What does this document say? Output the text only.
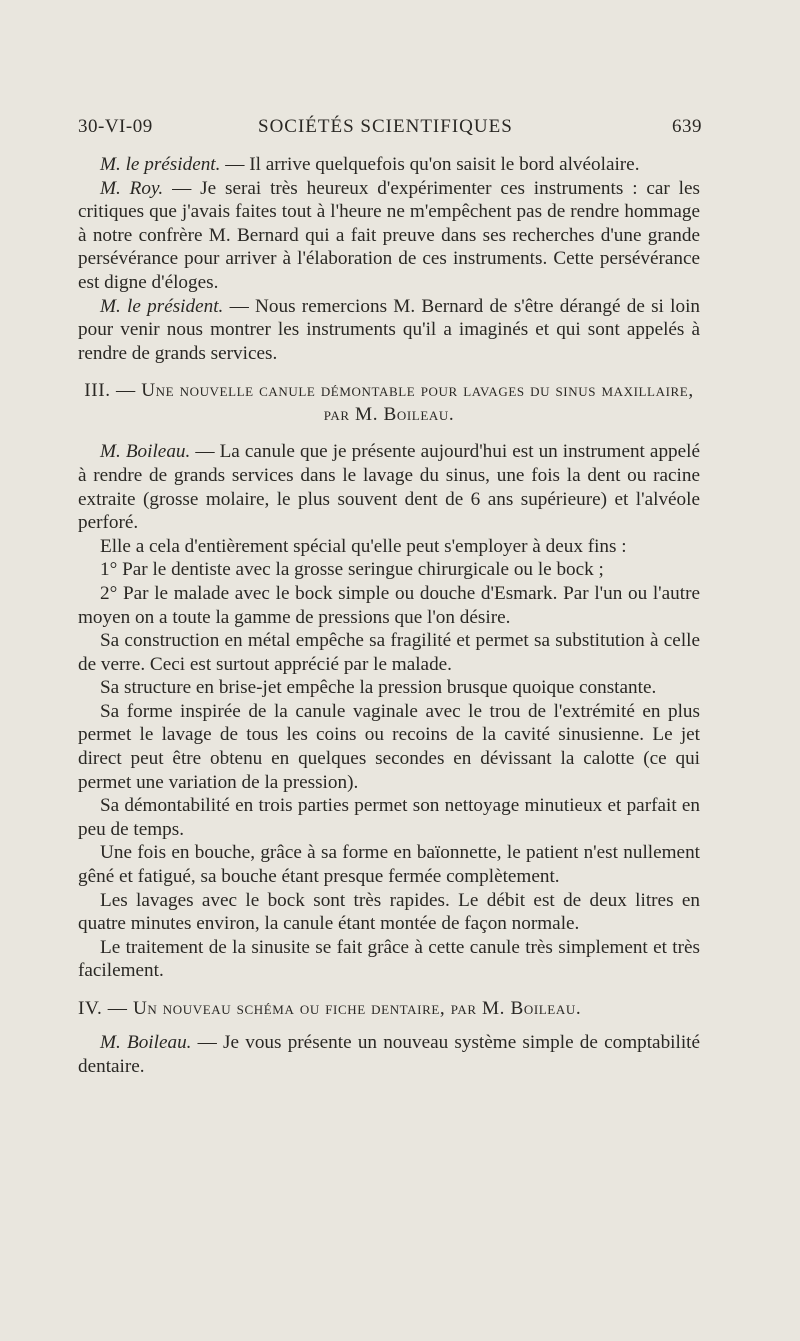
30-VI-09	SOCIÉTÉS SCIENTIFIQUES	639

M. le président. — Il arrive quelquefois qu'on saisit le bord alvéolaire.

M. Roy. — Je serai très heureux d'expérimenter ces instruments : car les critiques que j'avais faites tout à l'heure ne m'empêchent pas de rendre hommage à notre confrère M. Bernard qui a fait preuve dans ses recherches d'une grande persévérance pour arriver à l'élaboration de ces instruments. Cette persévérance est digne d'éloges.

M. le président. — Nous remercions M. Bernard de s'être dérangé de si loin pour venir nous montrer les instruments qu'il a imaginés et qui sont appelés à rendre de grands services.

III. — Une nouvelle canule démontable pour lavages du sinus maxillaire, par M. Boileau.

M. Boileau. — La canule que je présente aujourd'hui est un instrument appelé à rendre de grands services dans le lavage du sinus, une fois la dent ou racine extraite (grosse molaire, le plus souvent dent de 6 ans supérieure) et l'alvéole perforé.

Elle a cela d'entièrement spécial qu'elle peut s'employer à deux fins :

1° Par le dentiste avec la grosse seringue chirurgicale ou le bock ;

2° Par le malade avec le bock simple ou douche d'Esmark. Par l'un ou l'autre moyen on a toute la gamme de pressions que l'on désire.

Sa construction en métal empêche sa fragilité et permet sa substitution à celle de verre. Ceci est surtout apprécié par le malade.

Sa structure en brise-jet empêche la pression brusque quoique constante.

Sa forme inspirée de la canule vaginale avec le trou de l'extrémité en plus permet le lavage de tous les coins ou recoins de la cavité sinusienne. Le jet direct peut être obtenu en quelques secondes en dévissant la calotte (ce qui permet une variation de la pression).

Sa démontabilité en trois parties permet son nettoyage minutieux et parfait en peu de temps.

Une fois en bouche, grâce à sa forme en baïonnette, le patient n'est nullement gêné et fatigué, sa bouche étant presque fermée complètement.

Les lavages avec le bock sont très rapides. Le débit est de deux litres en quatre minutes environ, la canule étant montée de façon normale.

Le traitement de la sinusite se fait grâce à cette canule très simplement et très facilement.

IV. — Un nouveau schéma ou fiche dentaire, par M. Boileau.

M. Boileau. — Je vous présente un nouveau système simple de comptabilité dentaire.
